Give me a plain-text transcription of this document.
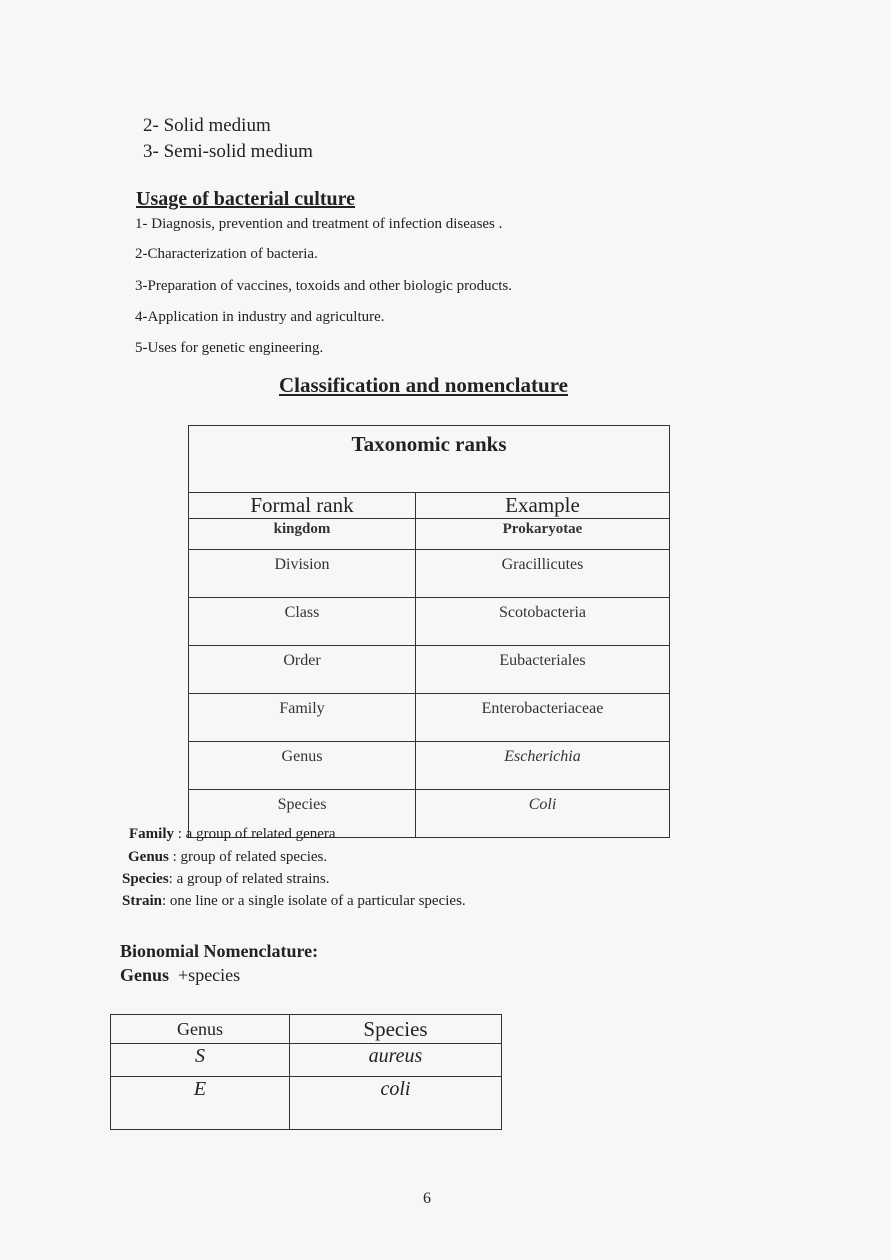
2- Solid medium
3- Semi-solid medium
Usage of bacterial culture
1- Diagnosis, prevention and treatment of infection diseases .
2-Characterization of bacteria.
3-Preparation of vaccines, toxoids and other biologic products.
4-Application in industry and agriculture.
5-Uses for genetic engineering.
Classification and nomenclature
Taxonomic ranks	
Formal rank	Example
kingdom	Prokaryotae
Division	Gracillicutes
Class	Scotobacteria
Order	Eubacteriales
Family	Enterobacteriaceae
Genus	Escherichia
Species	Coli
Family : a group of related genera
Genus : group of related species.
Species: a group of related strains.
Strain: one line or a single isolate of a particular species.
Bionomial Nomenclature:
Genus  +species
Genus	Species
S	aureus
E	coli
6
